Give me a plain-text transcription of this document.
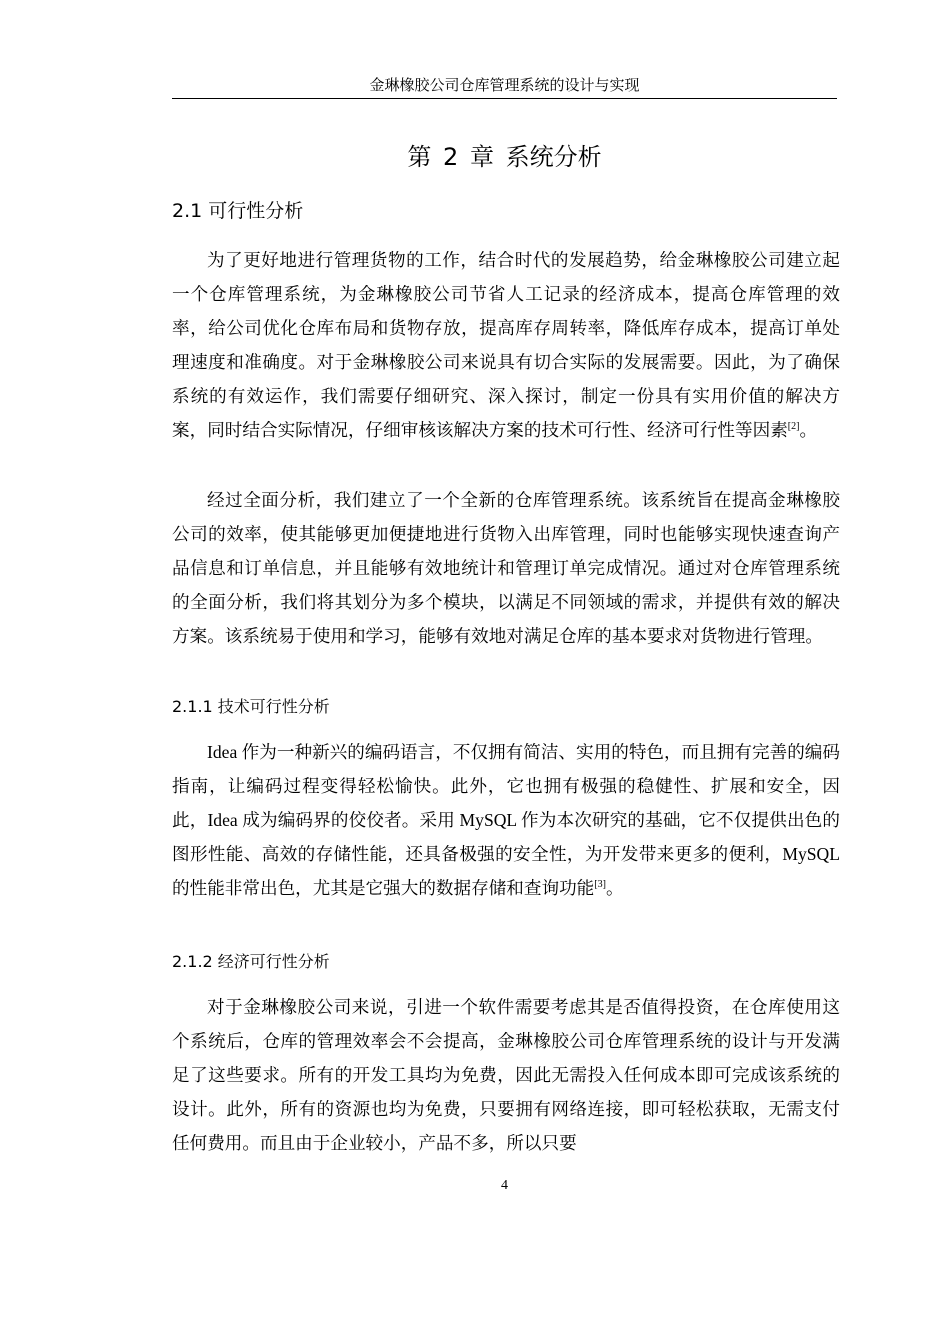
金琳橡胶公司仓库管理系统的设计与实现
第 2 章 系统分析
2.1 可行性分析

为了更好地进行管理货物的工作，结合时代的发展趋势，给金琳橡胶公司建立起一个仓库管理系统，为金琳橡胶公司节省人工记录的经济成本，提高仓库管理的效率，给公司优化仓库布局和货物存放，提高库存周转率，降低库存成本，提高订单处理速度和准确度。对于金琳橡胶公司来说具有切合实际的发展需要。因此，为了确保系统的有效运作，我们需要仔细研究、深入探讨，制定一份具有实用价值的解决方案，同时结合实际情况，仔细审核该解决方案的技术可行性、经济可行性等因素[2]。

经过全面分析，我们建立了一个全新的仓库管理系统。该系统旨在提高金琳橡胶公司的效率，使其能够更加便捷地进行货物入出库管理，同时也能够实现快速查询产品信息和订单信息，并且能够有效地统计和管理订单完成情况。通过对仓库管理系统的全面分析，我们将其划分为多个模块，以满足不同领域的需求，并提供有效的解决方案。该系统易于使用和学习，能够有效地对满足仓库的基本要求对货物进行管理。

2.1.1 技术可行性分析

Idea 作为一种新兴的编码语言，不仅拥有简洁、实用的特色，而且拥有完善的编码指南，让编码过程变得轻松愉快。此外，它也拥有极强的稳健性、扩展和安全，因此，Idea 成为编码界的佼佼者。采用 MySQL 作为本次研究的基础，它不仅提供出色的图形性能、高效的存储性能，还具备极强的安全性，为开发带来更多的便利，MySQL 的性能非常出色，尤其是它强大的数据存储和查询功能[3]。

2.1.2 经济可行性分析

对于金琳橡胶公司来说，引进一个软件需要考虑其是否值得投资，在仓库使用这个系统后，仓库的管理效率会不会提高，金琳橡胶公司仓库管理系统的设计与开发满足了这些要求。所有的开发工具均为免费，因此无需投入任何成本即可完成该系统的设计。此外，所有的资源也均为免费，只要拥有网络连接，即可轻松获取，无需支付任何费用。而且由于企业较小，产品不多，所以只要

4
